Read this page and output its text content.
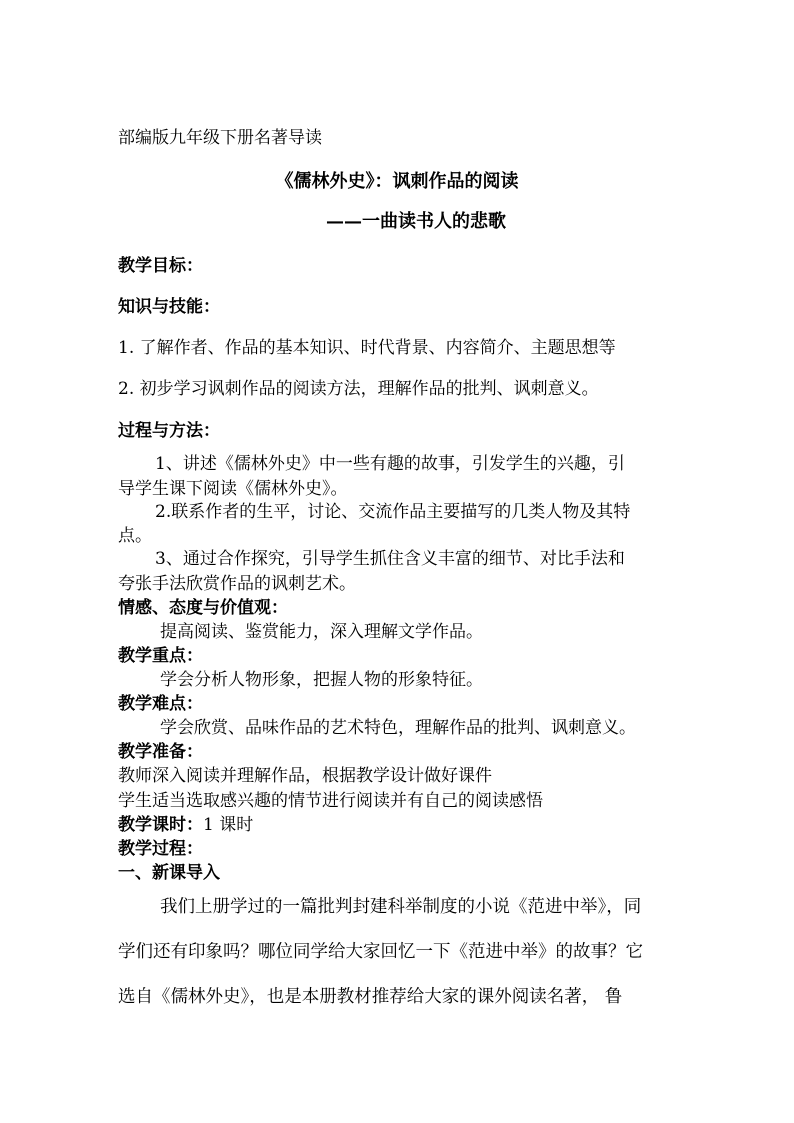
部编版九年级下册名著导读
《儒林外史》：讽刺作品的阅读
——一曲读书人的悲歌
教学目标：
知识与技能：
1. 了解作者、作品的基本知识、时代背景、内容简介、主题思想等
2. 初步学习讽刺作品的阅读方法，理解作品的批判、讽刺意义。
过程与方法：
1、讲述《儒林外史》中一些有趣的故事，引发学生的兴趣，引
导学生课下阅读《儒林外史》。
2.联系作者的生平，讨论、交流作品主要描写的几类人物及其特
点。
3、通过合作探究，引导学生抓住含义丰富的细节、对比手法和
夸张手法欣赏作品的讽刺艺术。
情感、态度与价值观：
提高阅读、鉴赏能力，深入理解文学作品。
教学重点：
学会分析人物形象，把握人物的形象特征。
教学难点：
学会欣赏、品味作品的艺术特色，理解作品的批判、讽刺意义。
教学准备：
教师深入阅读并理解作品，根据教学设计做好课件
学生适当选取感兴趣的情节进行阅读并有自己的阅读感悟
教学课时：1 课时
教学过程：
一、新课导入
我们上册学过的一篇批判封建科举制度的小说《范进中举》，同
学们还有印象吗？哪位同学给大家回忆一下《范进中举》的故事？它
选自《儒林外史》，也是本册教材推荐给大家的课外阅读名著， 鲁
